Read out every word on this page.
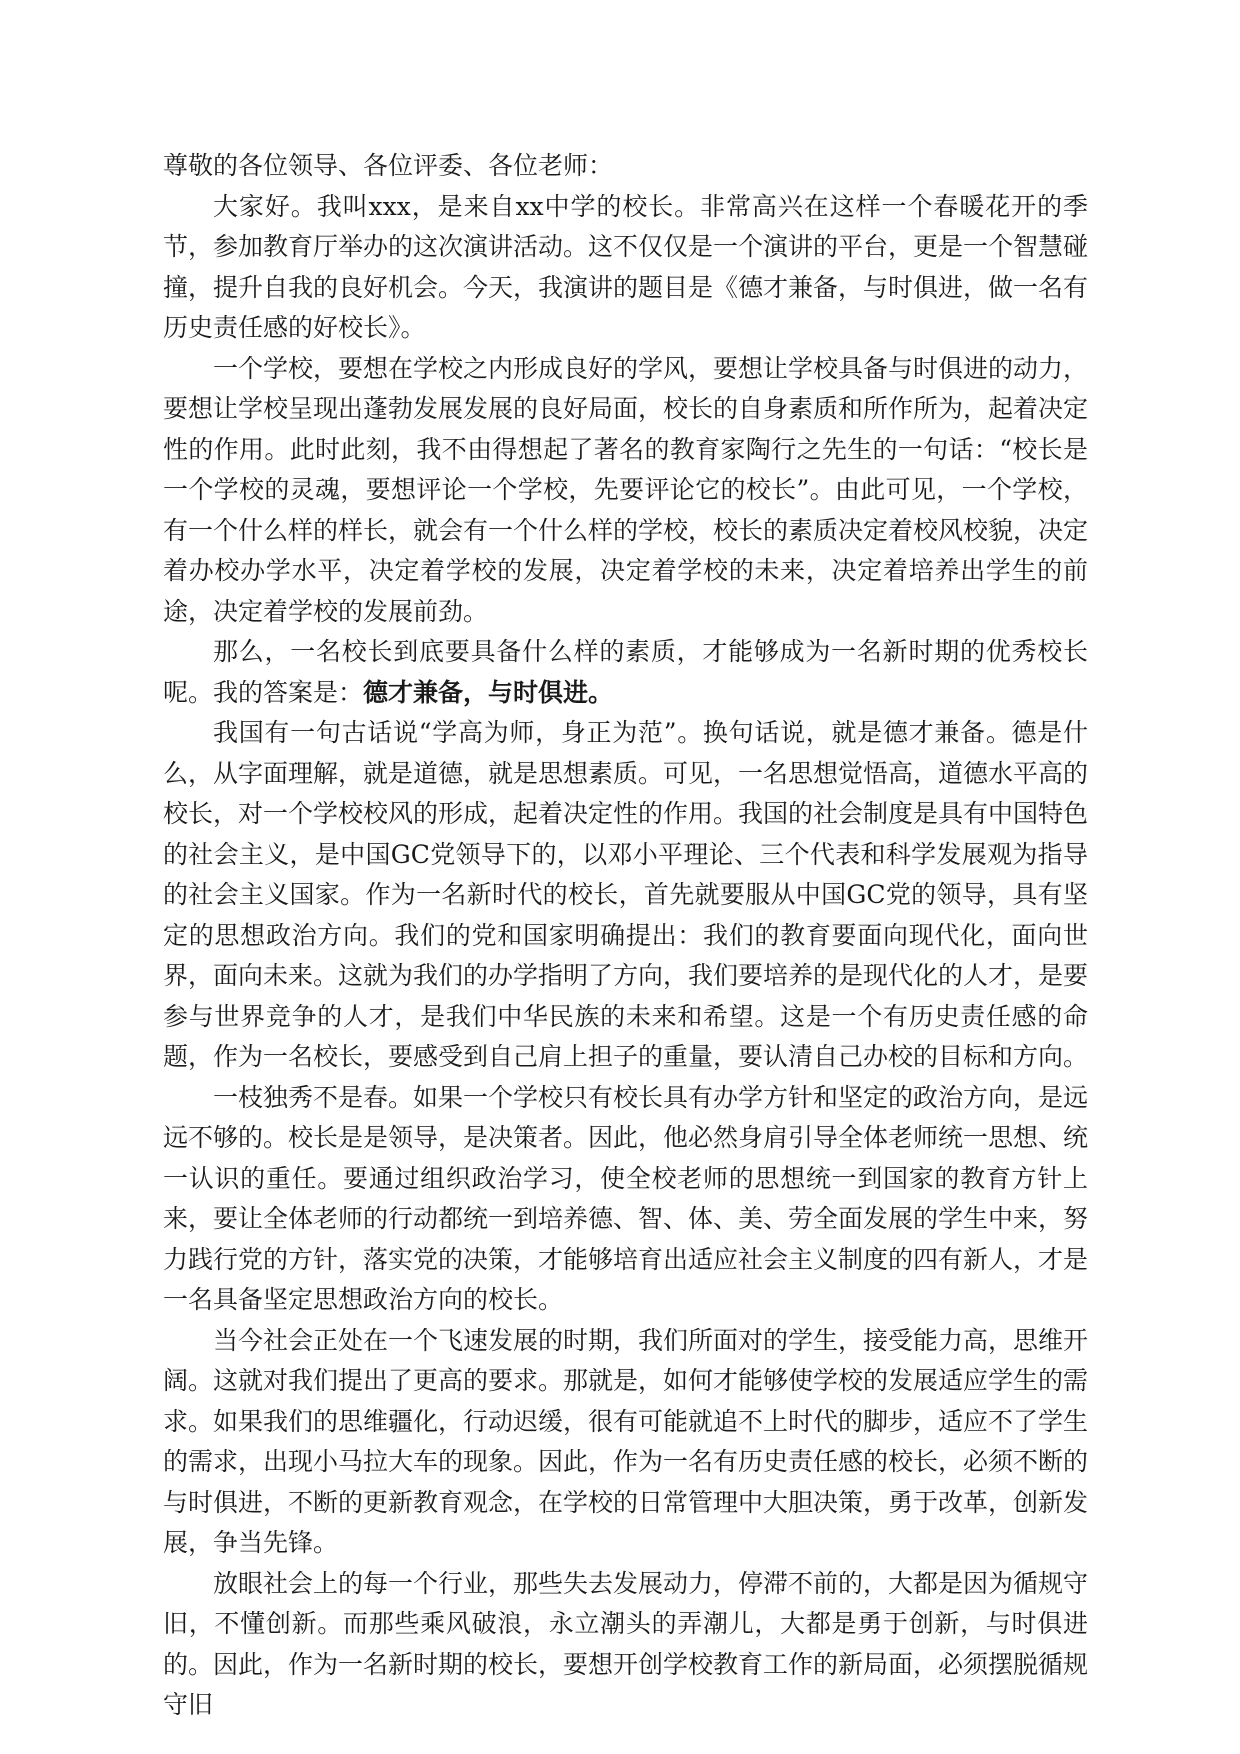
尊敬的各位领导、各位评委、各位老师：

大家好。我叫xxx，是来自xx中学的校长。非常高兴在这样一个春暖花开的季节，参加教育厅举办的这次演讲活动。这不仅仅是一个演讲的平台，更是一个智慧碰撞，提升自我的良好机会。今天，我演讲的题目是《德才兼备，与时俱进，做一名有历史责任感的好校长》。

一个学校，要想在学校之内形成良好的学风，要想让学校具备与时俱进的动力，要想让学校呈现出蓬勃发展发展的良好局面，校长的自身素质和所作所为，起着决定性的作用。此时此刻，我不由得想起了著名的教育家陶行之先生的一句话：“校长是一个学校的灵魂，要想评论一个学校，先要评论它的校长”。由此可见，一个学校，有一个什么样的样长，就会有一个什么样的学校，校长的素质决定着校风校貌，决定着办校办学水平，决定着学校的发展，决定着学校的未来，决定着培养出学生的前途，决定着学校的发展前劲。

那么，一名校长到底要具备什么样的素质，才能够成为一名新时期的优秀校长呢。我的答案是：德才兼备，与时俱进。

我国有一句古话说“学高为师，身正为范”。换句话说，就是德才兼备。德是什么，从字面理解，就是道德，就是思想素质。可见，一名思想觉悟高，道德水平高的校长，对一个学校校风的形成，起着决定性的作用。我国的社会制度是具有中国特色的社会主义，是中国GC党领导下的，以邓小平理论、三个代表和科学发展观为指导的社会主义国家。作为一名新时代的校长，首先就要服从中国GC党的领导，具有坚定的思想政治方向。我们的党和国家明确提出：我们的教育要面向现代化，面向世界，面向未来。这就为我们的办学指明了方向，我们要培养的是现代化的人才，是要参与世界竞争的人才，是我们中华民族的未来和希望。这是一个有历史责任感的命题，作为一名校长，要感受到自己肩上担子的重量，要认清自己办校的目标和方向。

一枝独秀不是春。如果一个学校只有校长具有办学方针和坚定的政治方向，是远远不够的。校长是是领导，是决策者。因此，他必然身肩引导全体老师统一思想、统一认识的重任。要通过组织政治学习，使全校老师的思想统一到国家的教育方针上来，要让全体老师的行动都统一到培养德、智、体、美、劳全面发展的学生中来，努力践行党的方针，落实党的决策，才能够培育出适应社会主义制度的四有新人，才是一名具备坚定思想政治方向的校长。

当今社会正处在一个飞速发展的时期，我们所面对的学生，接受能力高，思维开阔。这就对我们提出了更高的要求。那就是，如何才能够使学校的发展适应学生的需求。如果我们的思维疆化，行动迟缓，很有可能就追不上时代的脚步，适应不了学生的需求，出现小马拉大车的现象。因此，作为一名有历史责任感的校长，必须不断的与时俱进，不断的更新教育观念，在学校的日常管理中大胆决策，勇于改革，创新发展，争当先锋。

放眼社会上的每一个行业，那些失去发展动力，停滞不前的，大都是因为循规守旧，不懂创新。而那些乘风破浪，永立潮头的弄潮儿，大都是勇于创新，与时俱进的。因此，作为一名新时期的校长，要想开创学校教育工作的新局面，必须摆脱循规守旧
